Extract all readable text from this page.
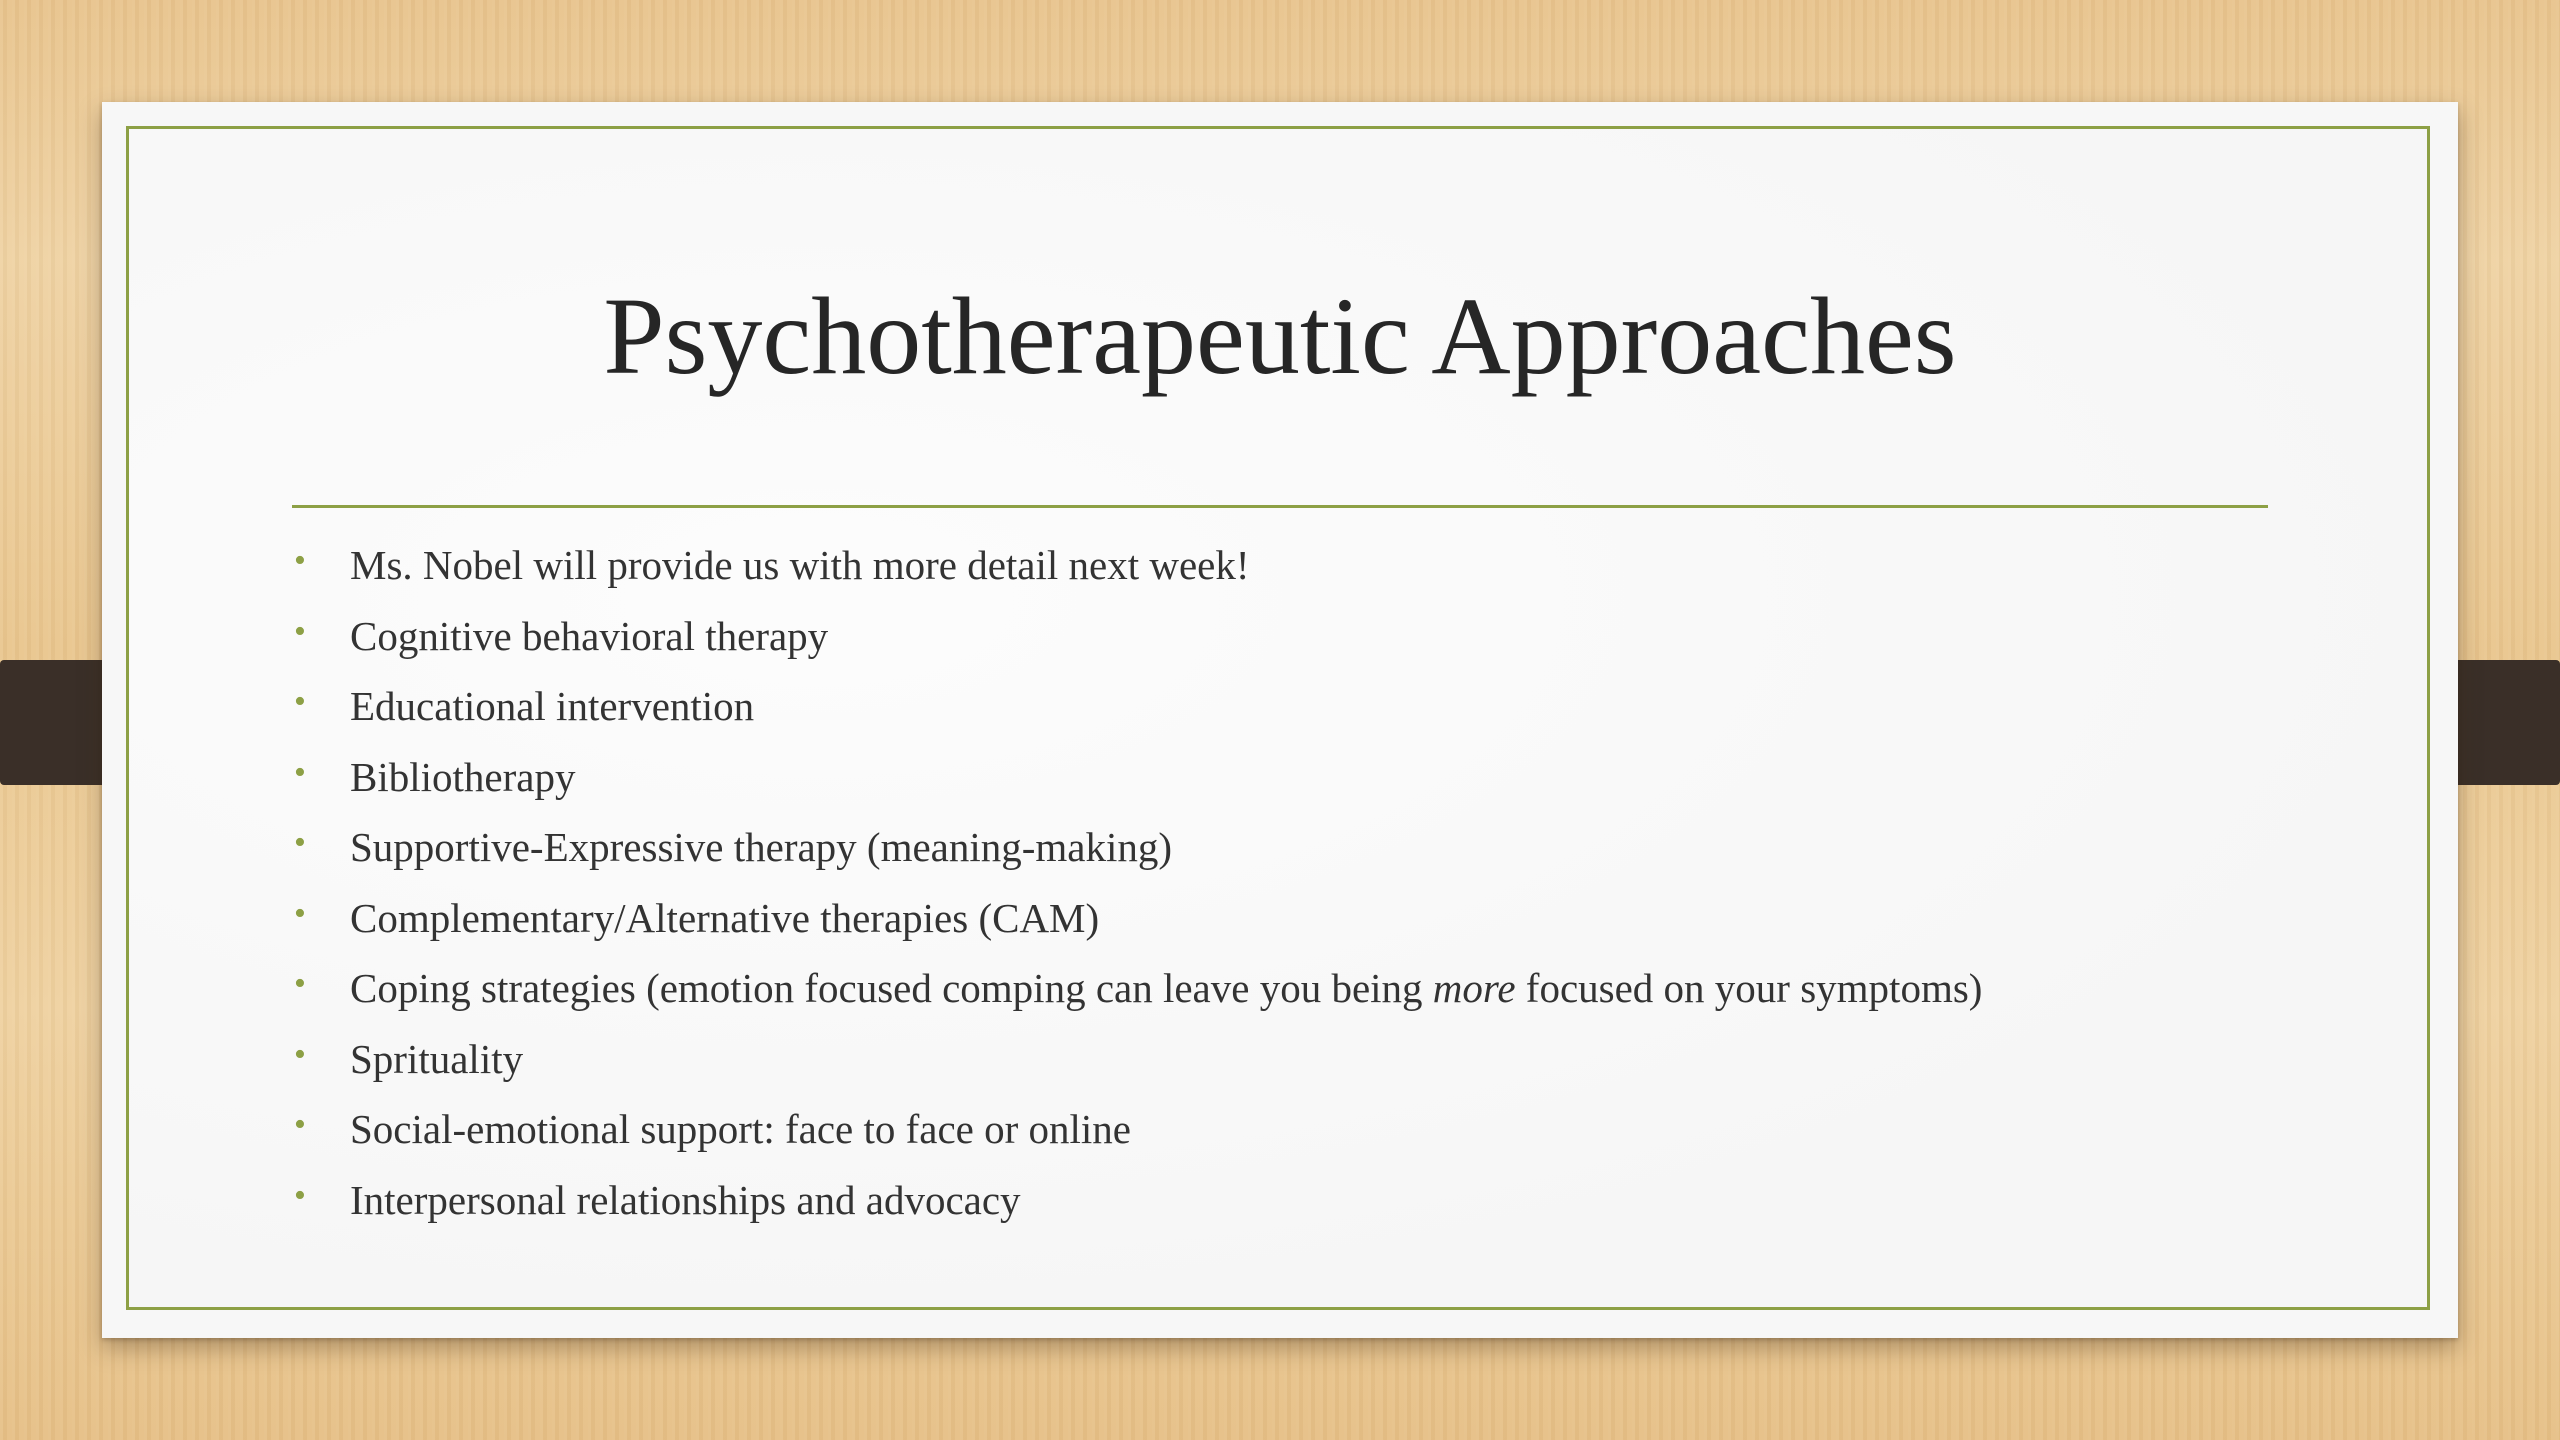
Psychotherapeutic Approaches
• Ms. Nobel will provide us with more detail next week!
• Cognitive behavioral therapy
• Educational intervention
• Bibliotherapy
• Supportive-Expressive therapy (meaning-making)
• Complementary/Alternative therapies (CAM)
• Coping strategies (emotion focused comping can leave you being more focused on your symptoms)
• Sprituality
• Social-emotional support: face to face or online
• Interpersonal relationships and advocacy
